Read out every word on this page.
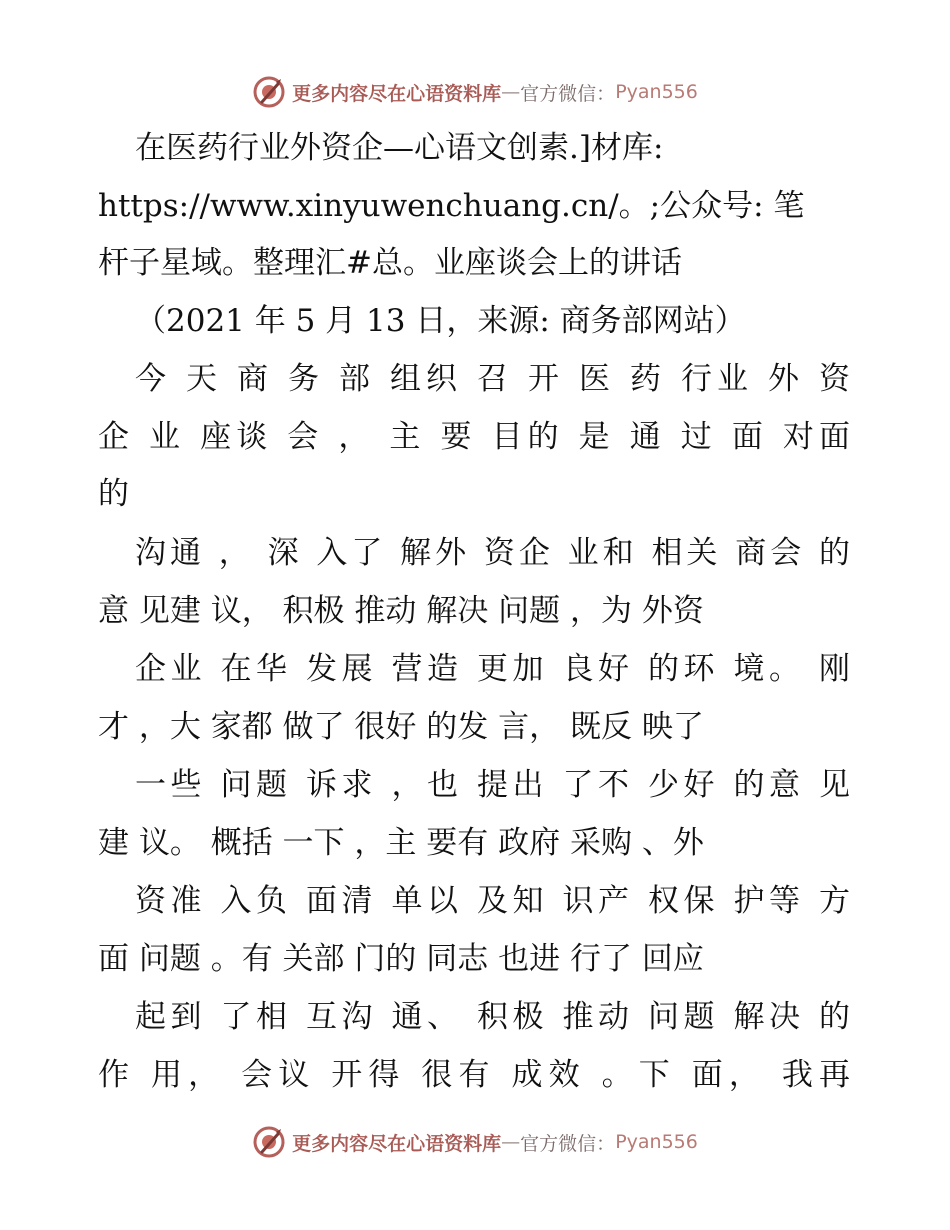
更多内容尽在心语资料库 — 官方微信： Pyan556
在医药行业外资企—心语文创素.]材库:
https://www.xinyuwenchuang.cn/。;公众号: 笔
杆子星域。整理汇#总。业座谈会上的讲话
（2021 年 5 月 13 日，来源: 商务部网站）
今 天 商 务 部 组织 召 开 医 药 行业 外 资
企 业 座谈 会 ， 主 要 目的 是 通 过 面 对面
的
沟通 ， 深 入了 解外 资企 业和 相关 商会 的
意 见建 议， 积极 推动 解决 问题 ，为 外资
企业 在华 发展 营造 更加 良好 的环 境。 刚
才 ，大 家都 做了 很好 的发 言， 既反 映了
一些 问题 诉求 ，也 提出 了不 少好 的意 见
建 议。 概括 一下 ，主 要有 政府 采购 、外
资准 入负 面清 单以 及知 识产 权保 护等 方
面 问题 。有 关部 门的 同志 也进 行了 回应
起到 了相 互沟 通、 积极 推动 问题 解决 的
作 用， 会议 开得 很有 成效 。下 面， 我再
更多内容尽在心语资料库 — 官方微信： Pyan556
